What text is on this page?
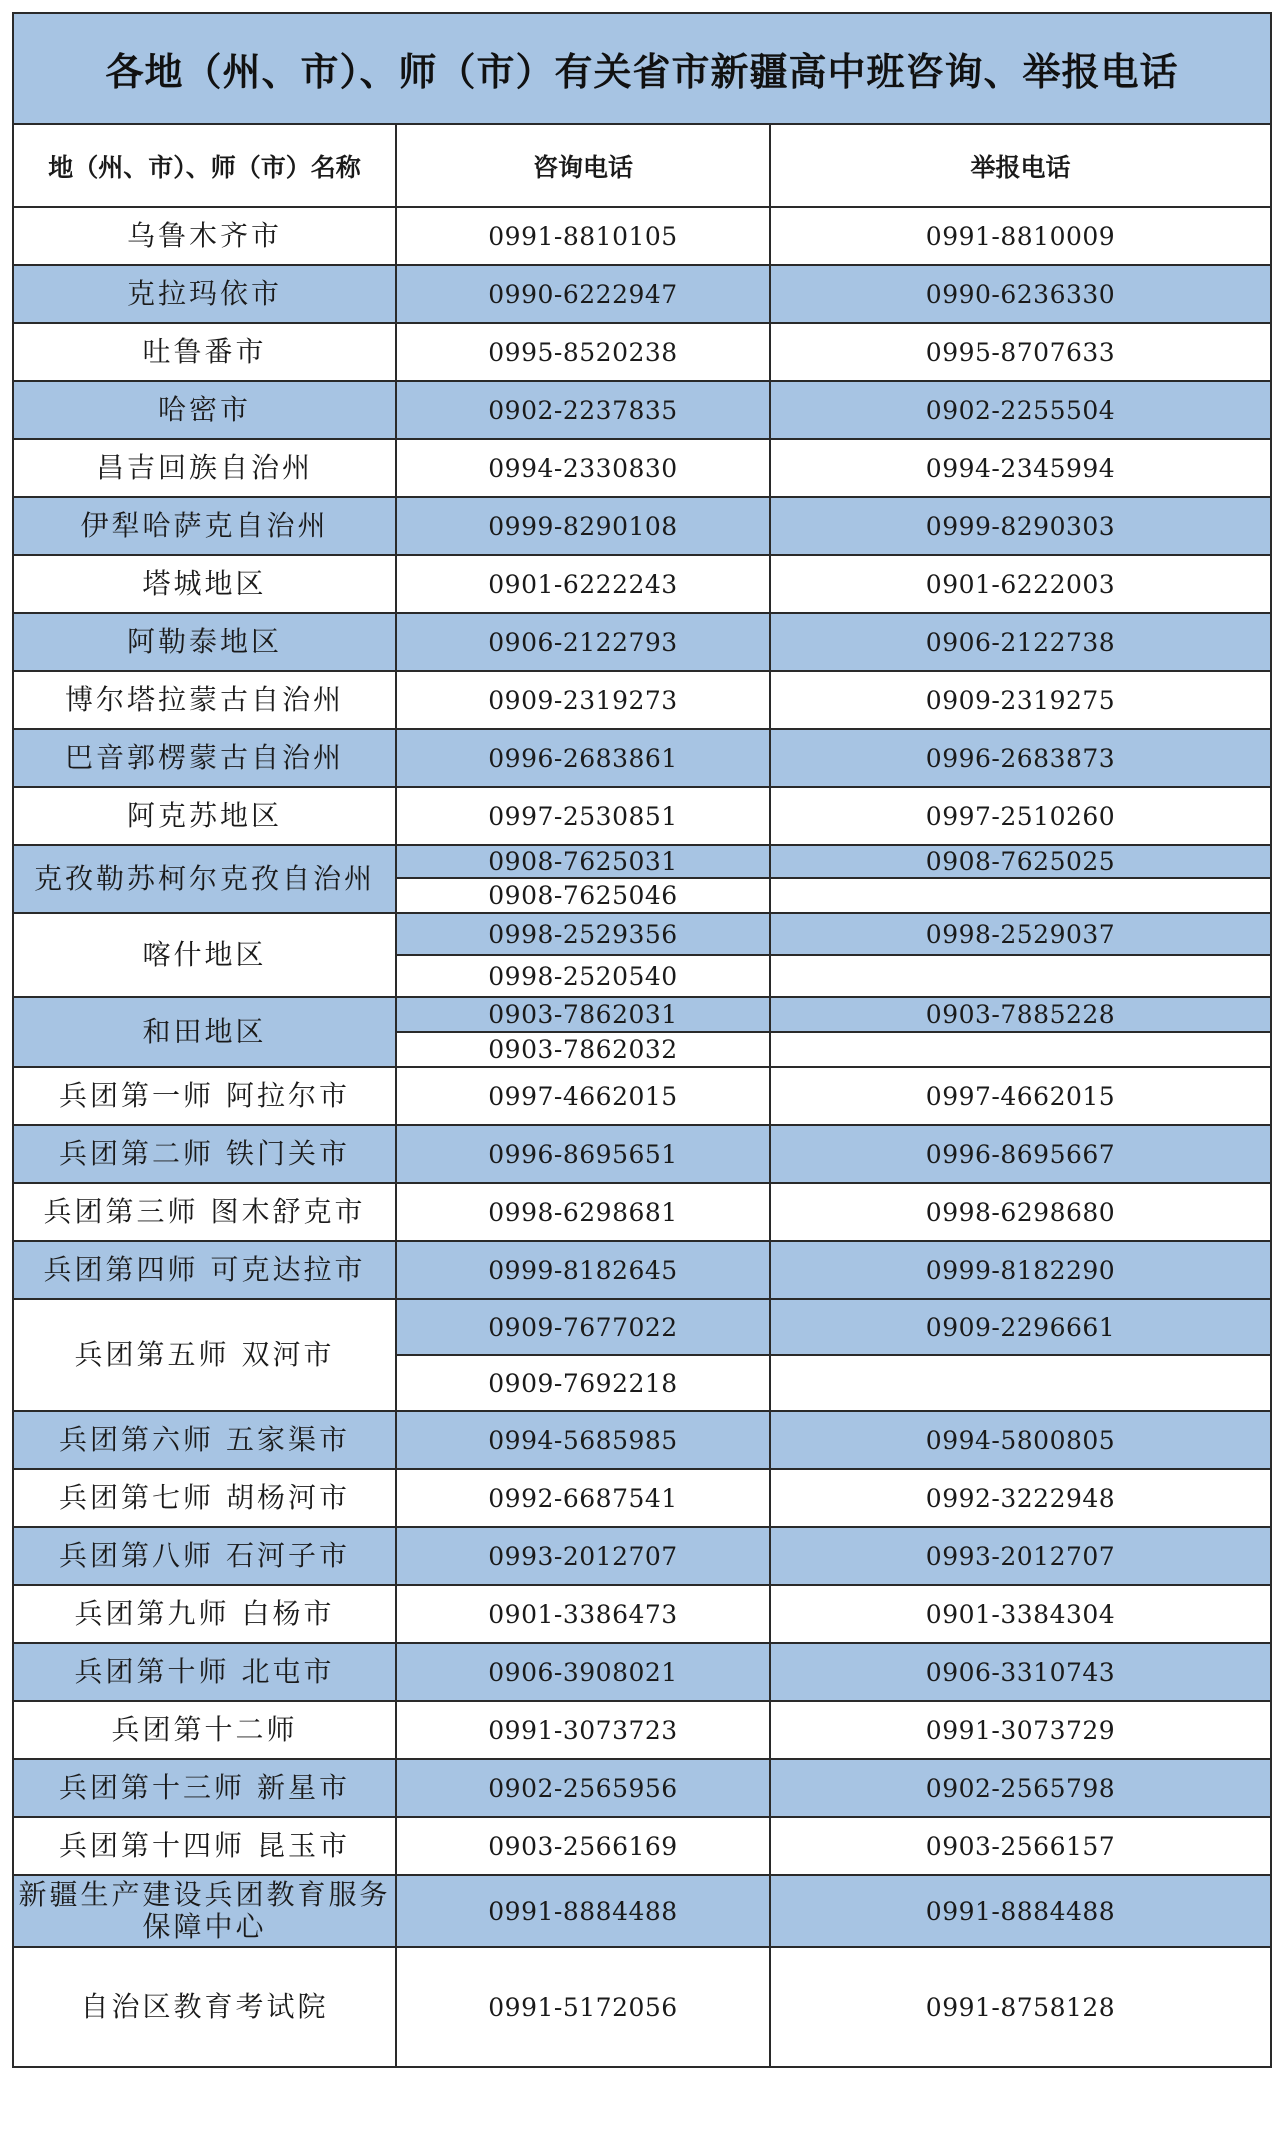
各地（州、市）、师（市）有关省市新疆高中班咨询、举报电话		
地（州、市）、师（市）名称	咨询电话	举报电话
乌鲁木齐市	0991-8810105	0991-8810009
克拉玛依市	0990-6222947	0990-6236330
吐鲁番市	0995-8520238	0995-8707633
哈密市	0902-2237835	0902-2255504
昌吉回族自治州	0994-2330830	0994-2345994
伊犁哈萨克自治州	0999-8290108	0999-8290303
塔城地区	0901-6222243	0901-6222003
阿勒泰地区	0906-2122793	0906-2122738
博尔塔拉蒙古自治州	0909-2319273	0909-2319275
巴音郭楞蒙古自治州	0996-2683861	0996-2683873
阿克苏地区	0997-2530851	0997-2510260
克孜勒苏柯尔克孜自治州	0908-7625031	0908-7625025
	0908-7625046	
喀什地区	0998-2529356	0998-2529037
	0998-2520540	
和田地区	0903-7862031	0903-7885228
	0903-7862032	
兵团第一师 阿拉尔市	0997-4662015	0997-4662015
兵团第二师 铁门关市	0996-8695651	0996-8695667
兵团第三师 图木舒克市	0998-6298681	0998-6298680
兵团第四师 可克达拉市	0999-8182645	0999-8182290
兵团第五师 双河市	0909-7677022	0909-2296661
	0909-7692218	
兵团第六师 五家渠市	0994-5685985	0994-5800805
兵团第七师 胡杨河市	0992-6687541	0992-3222948
兵团第八师 石河子市	0993-2012707	0993-2012707
兵团第九师 白杨市	0901-3386473	0901-3384304
兵团第十师 北屯市	0906-3908021	0906-3310743
兵团第十二师	0991-3073723	0991-3073729
兵团第十三师 新星市	0902-2565956	0902-2565798
兵团第十四师 昆玉市	0903-2566169	0903-2566157
新疆生产建设兵团教育服务保障中心	0991-8884488	0991-8884488
自治区教育考试院	0991-5172056	0991-8758128
